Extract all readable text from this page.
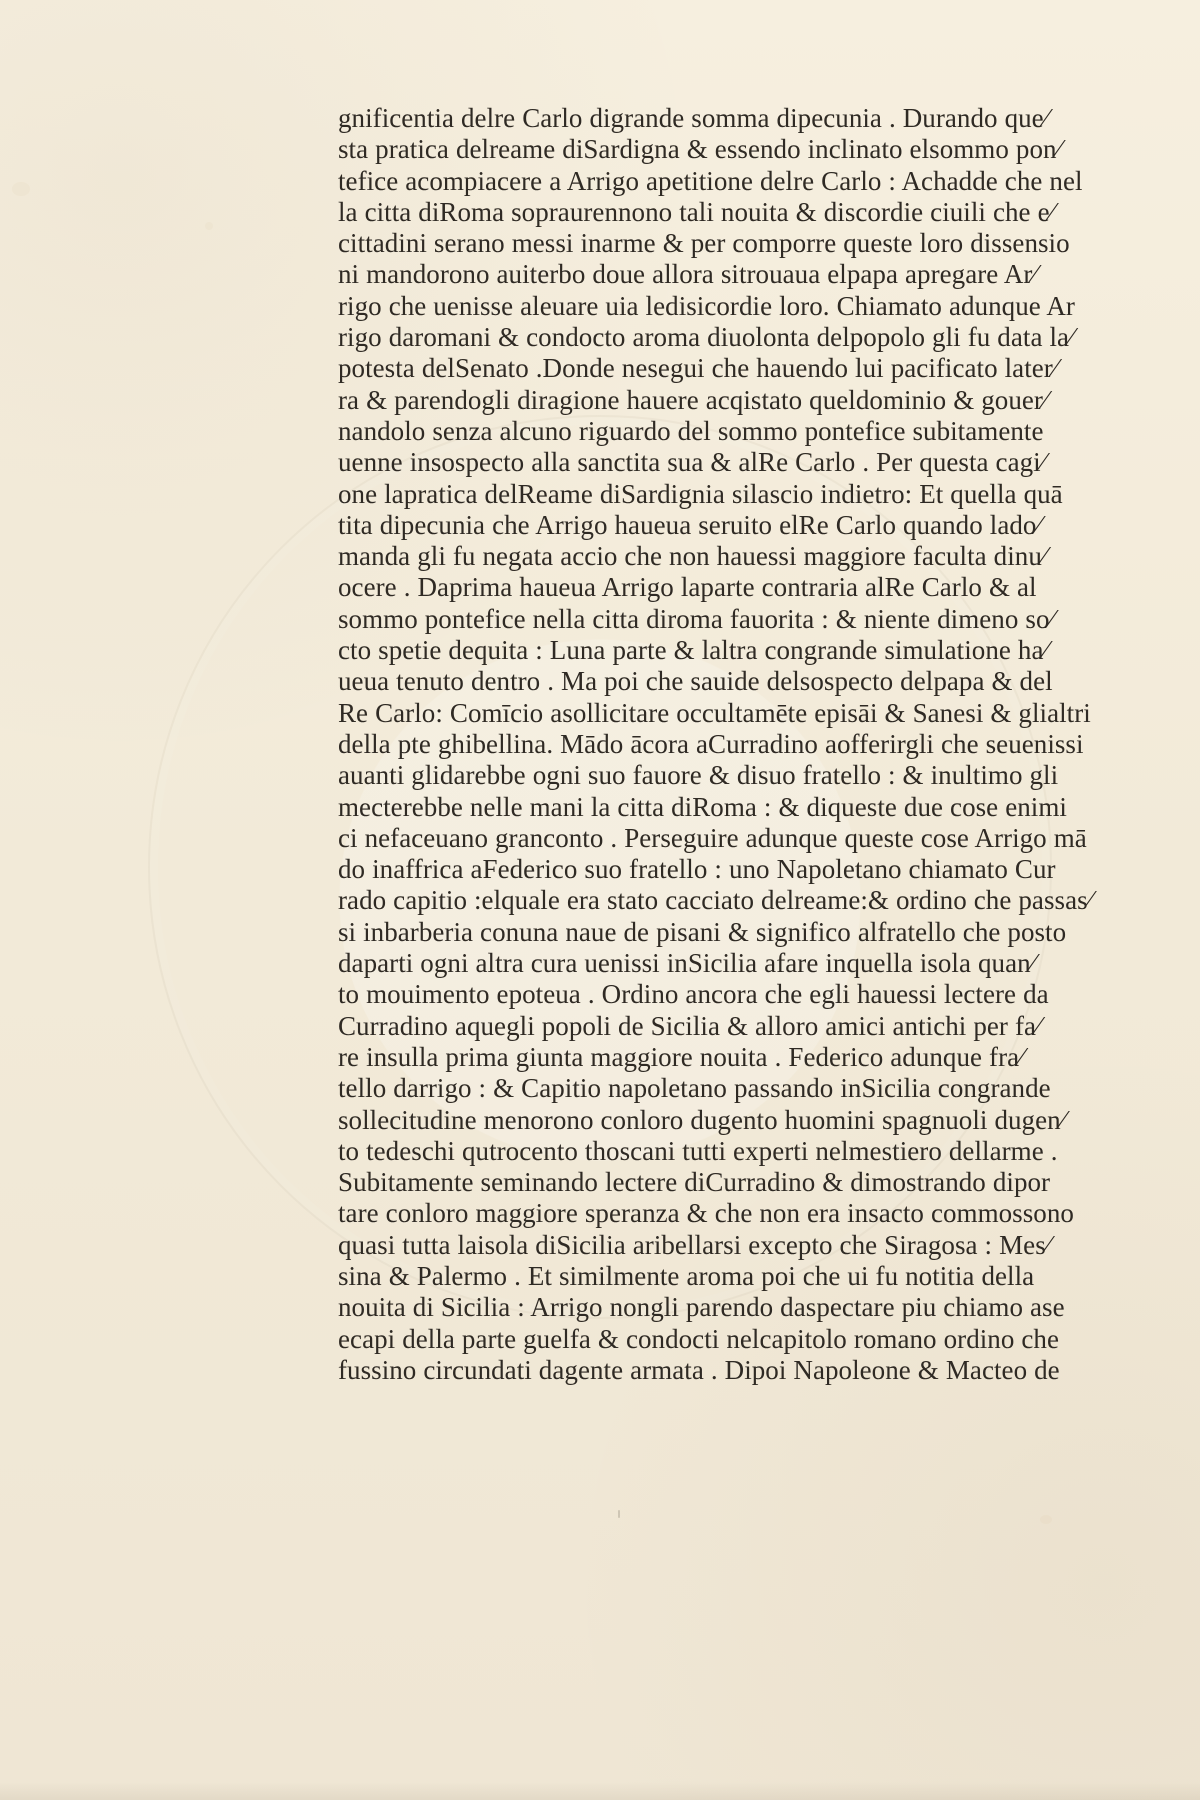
gnificentia delre Carlo digrande somma dipecunia . Durando que⁄
sta pratica delreame diSardigna & essendo inclinato elsommo pon⁄
tefice acompiacere a Arrigo apetitione delre Carlo : Achadde che nel
la citta diRoma sopraurennono tali nouita & discordie ciuili che e⁄
cittadini serano messi inarme & per comporre queste loro dissensio
ni mandorono auiterbo doue allora sitrouaua elpapa apregare Ar⁄
rigo che uenisse aleuare uia ledisicordie loro. Chiamato adunque Ar
rigo daromani & condocto aroma diuolonta delpopolo gli fu data la⁄
potesta delSenato .Donde nesegui che hauendo lui pacificato later⁄
ra & parendogli diragione hauere acqistato queldominio & gouer⁄
nandolo senza alcuno riguardo del sommo pontefice subitamente
uenne insospecto alla sanctita sua & alRe Carlo . Per questa cagi⁄
one lapratica delReame diSardignia silascio indietro: Et quella quā
tita dipecunia che Arrigo haueua seruito elRe Carlo quando lado⁄
manda gli fu negata accio che non hauessi maggiore faculta dinu⁄
ocere . Daprima haueua Arrigo laparte contraria alRe Carlo & al
sommo pontefice nella citta diroma fauorita : & niente dimeno so⁄
cto spetie dequita : Luna parte & laltra congrande simulatione ha⁄
ueua tenuto dentro . Ma poi che sauide delsospecto delpapa & del
Re Carlo: Comīcio asollicitare occultamēte episāi & Sanesi & glialtri
della pte ghibellina. Mādo ācora aCurradino aofferirgli che seuenissi
auanti glidarebbe ogni suo fauore & disuo fratello : & inultimo gli
mecterebbe nelle mani la citta diRoma : & diqueste due cose enimi
ci nefaceuano granconto . Perseguire adunque queste cose Arrigo mā
do inaffrica aFederico suo fratello : uno Napoletano chiamato Cur
rado capitio :elquale era stato cacciato delreame:& ordino che passas⁄
si inbarberia conuna naue de pisani & significo alfratello che posto
daparti ogni altra cura uenissi inSicilia afare inquella isola quan⁄
to mouimento epoteua . Ordino ancora che egli hauessi lectere da
Curradino aquegli popoli de Sicilia & alloro amici antichi per fa⁄
re insulla prima giunta maggiore nouita . Federico adunque fra⁄
tello darrigo : & Capitio napoletano passando inSicilia congrande
sollecitudine menorono conloro dugento huomini spagnuoli dugen⁄
to tedeschi qutrocento thoscani tutti experti nelmestiero dellarme .
Subitamente seminando lectere diCurradino & dimostrando dipor
tare conloro maggiore speranza & che non era insacto commossono
quasi tutta laisola diSicilia aribellarsi excepto che Siragosa : Mes⁄
sina & Palermo . Et similmente aroma poi che ui fu notitia della
nouita di Sicilia : Arrigo nongli parendo daspectare piu chiamo ase
ecapi della parte guelfa & condocti nelcapitolo romano ordino che
fussino circundati dagente armata . Dipoi Napoleone & Macteo de
